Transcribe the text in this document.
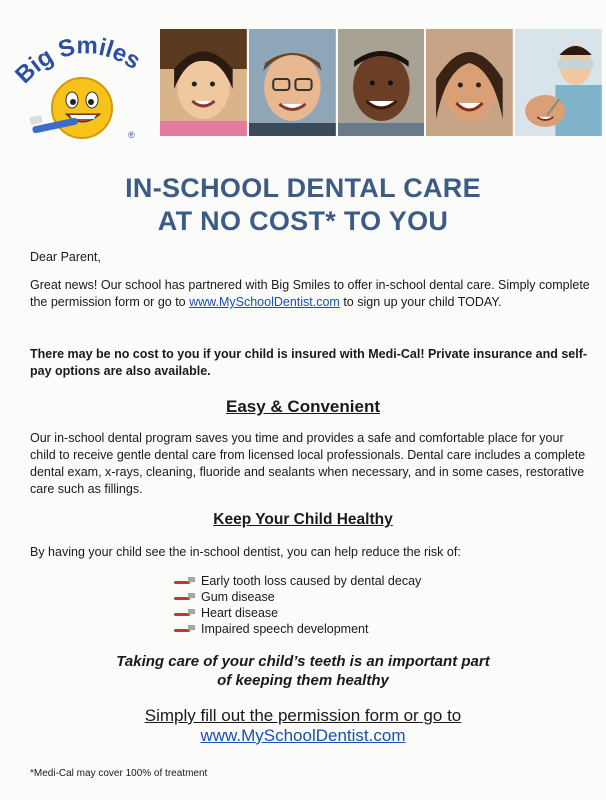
Big Smiles
®
IN-SCHOOL DENTAL CARE
AT NO COST* TO YOU
Dear Parent,
Great news! Our school has partnered with Big Smiles to offer in-school dental care. Simply complete the permission form or go to www.MySchoolDentist.com to sign up your child TODAY.
There may be no cost to you if your child is insured with Medi-Cal! Private insurance and self-pay options are also available.
Easy & Convenient
Our in-school dental program saves you time and provides a safe and comfortable place for your child to receive gentle dental care from licensed local professionals. Dental care includes a complete dental exam, x-rays, cleaning, fluoride and sealants when necessary, and in some cases, restorative care such as fillings.
Keep Your Child Healthy
By having your child see the in-school dentist, you can help reduce the risk of:
Early tooth loss caused by dental decay
Gum disease
Heart disease
Impaired speech development
Taking care of your child’s teeth is an important part
of keeping them healthy
Simply fill out the permission form or go to
www.MySchoolDentist.com
*Medi-Cal may cover 100% of treatment
